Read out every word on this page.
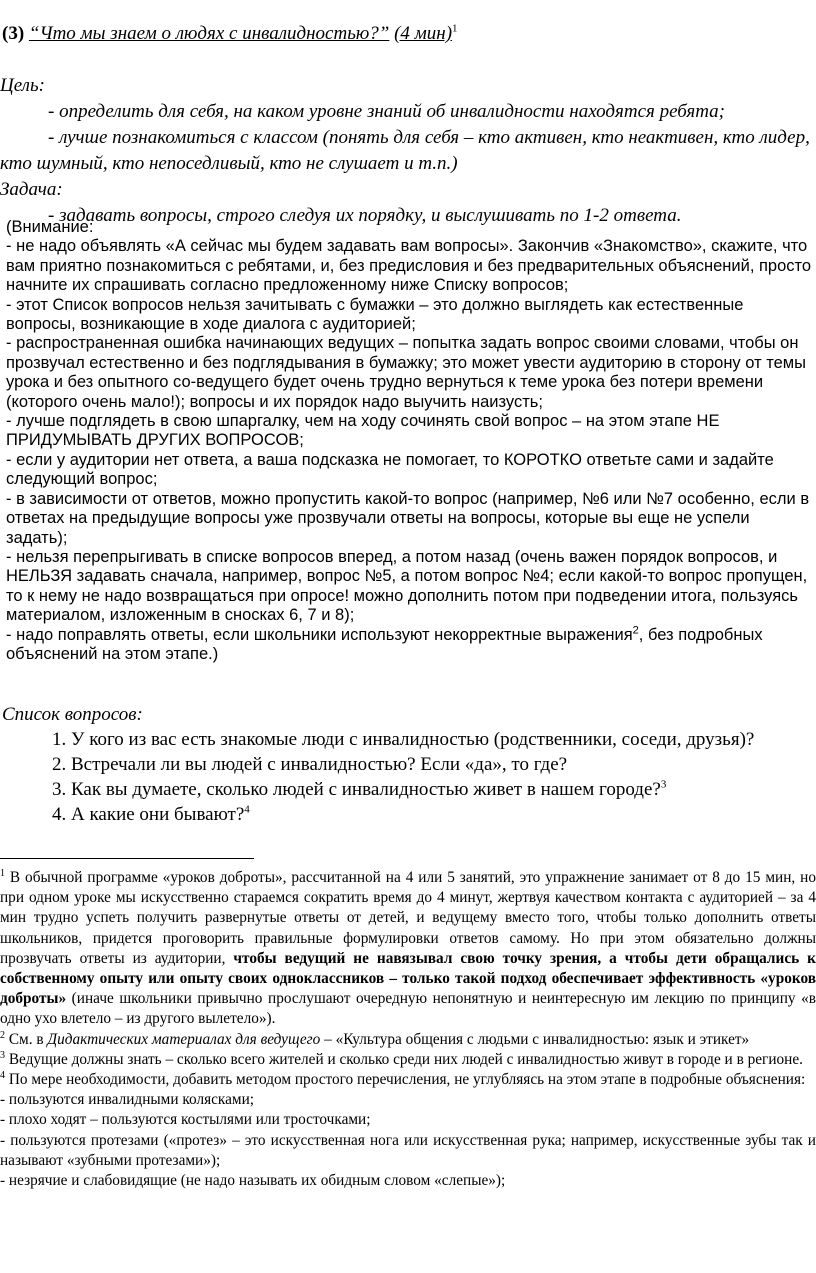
(3) “Что мы знаем о людях с инвалидностью?” (4 мин)$^1$

Цель:

- определить для себя, на каком уровне знаний об инвалидности находятся ребята;

- лучше познакомиться с классом (понять для себя – кто активен, кто неактивен, кто лидер, кто шумный, кто непоседливый, кто не слушает и т.п.)

Задача:

- задавать вопросы, строго следуя их порядку, и выслушивать по 1-2 ответа.

(Внимание:

- не надо объявлять «А сейчас мы будем задавать вам вопросы». Закончив «Знакомство», скажите, что вам приятно познакомиться с ребятами, и, без предисловия и без предварительных объяснений, просто начните их спрашивать согласно предложенному ниже Списку вопросов;

- этот Список вопросов нельзя зачитывать с бумажки – это должно выглядеть как естественные вопросы, возникающие в ходе диалога с аудиторией;

- распространенная ошибка начинающих ведущих – попытка задать вопрос своими словами, чтобы он прозвучал естественно и без подглядывания в бумажку; это может увести аудиторию в сторону от темы урока и без опытного со-ведущего будет очень трудно вернуться к теме урока без потери времени (которого очень мало!); вопросы и их порядок надо выучить наизусть;

- лучше подглядеть в свою шпаргалку, чем на ходу сочинять свой вопрос – на этом этапе НЕ ПРИДУМЫВАТЬ ДРУГИХ ВОПРОСОВ;

- если у аудитории нет ответа, а ваша подсказка не помогает, то КОРОТКО ответьте сами и задайте следующий вопрос;

- в зависимости от ответов, можно пропустить какой-то вопрос (например, №6 или №7 особенно, если в ответах на предыдущие вопросы уже прозвучали ответы на вопросы, которые вы еще не успели задать);

- нельзя перепрыгивать в списке вопросов вперед, а потом назад (очень важен порядок вопросов, и НЕЛЬЗЯ задавать сначала, например, вопрос №5, а потом вопрос №4; если какой-то вопрос пропущен, то к нему не надо возвращаться при опросе! можно дополнить потом при подведении итога, пользуясь материалом, изложенным в сносках 6, 7 и 8);

- надо поправлять ответы, если школьники используют некорректные выражения$^2$, без подробных объяснений на этом этапе.)

Список вопросов:

1. У кого из вас есть знакомые люди с инвалидностью (родственники, соседи, друзья)?

2. Встречали ли вы людей с инвалидностью? Если «да», то где?

3. Как вы думаете, сколько людей с инвалидностью живет в нашем городе?$^3$

4. А какие они бывают?$^4$

$^1$ В обычной программе «уроков доброты», рассчитанной на 4 или 5 занятий, это упражнение занимает от 8 до 15 мин, но при одном уроке мы искусственно стараемся сократить время до 4 минут, жертвуя качеством контакта с аудиторией – за 4 мин трудно успеть получить развернутые ответы от детей, и ведущему вместо того, чтобы только дополнить ответы школьников, придется проговорить правильные формулировки ответов самому. Но при этом обязательно должны прозвучать ответы из аудитории, чтобы ведущий не навязывал свою точку зрения, а чтобы дети обращались к собственному опыту или опыту своих одноклассников – только такой подход обеспечивает эффективность «уроков доброты» (иначе школьники привычно прослушают очередную непонятную и неинтересную им лекцию по принципу «в одно ухо влетело – из другого вылетело»).

$^2$ См. в Дидактических материалах для ведущего – «Культура общения с людьми с инвалидностью: язык и этикет»

$^3$ Ведущие должны знать – сколько всего жителей и сколько среди них людей с инвалидностью живут в городе и в регионе.

$^4$ По мере необходимости, добавить методом простого перечисления, не углубляясь на этом этапе в подробные объяснения:

- пользуются инвалидными колясками;

- плохо ходят – пользуются костылями или тросточками;

- пользуются протезами («протез» – это искусственная нога или искусственная рука; например, искусственные зубы так и называют «зубными протезами»);

- незрячие и слабовидящие (не надо называть их обидным словом «слепые»);
